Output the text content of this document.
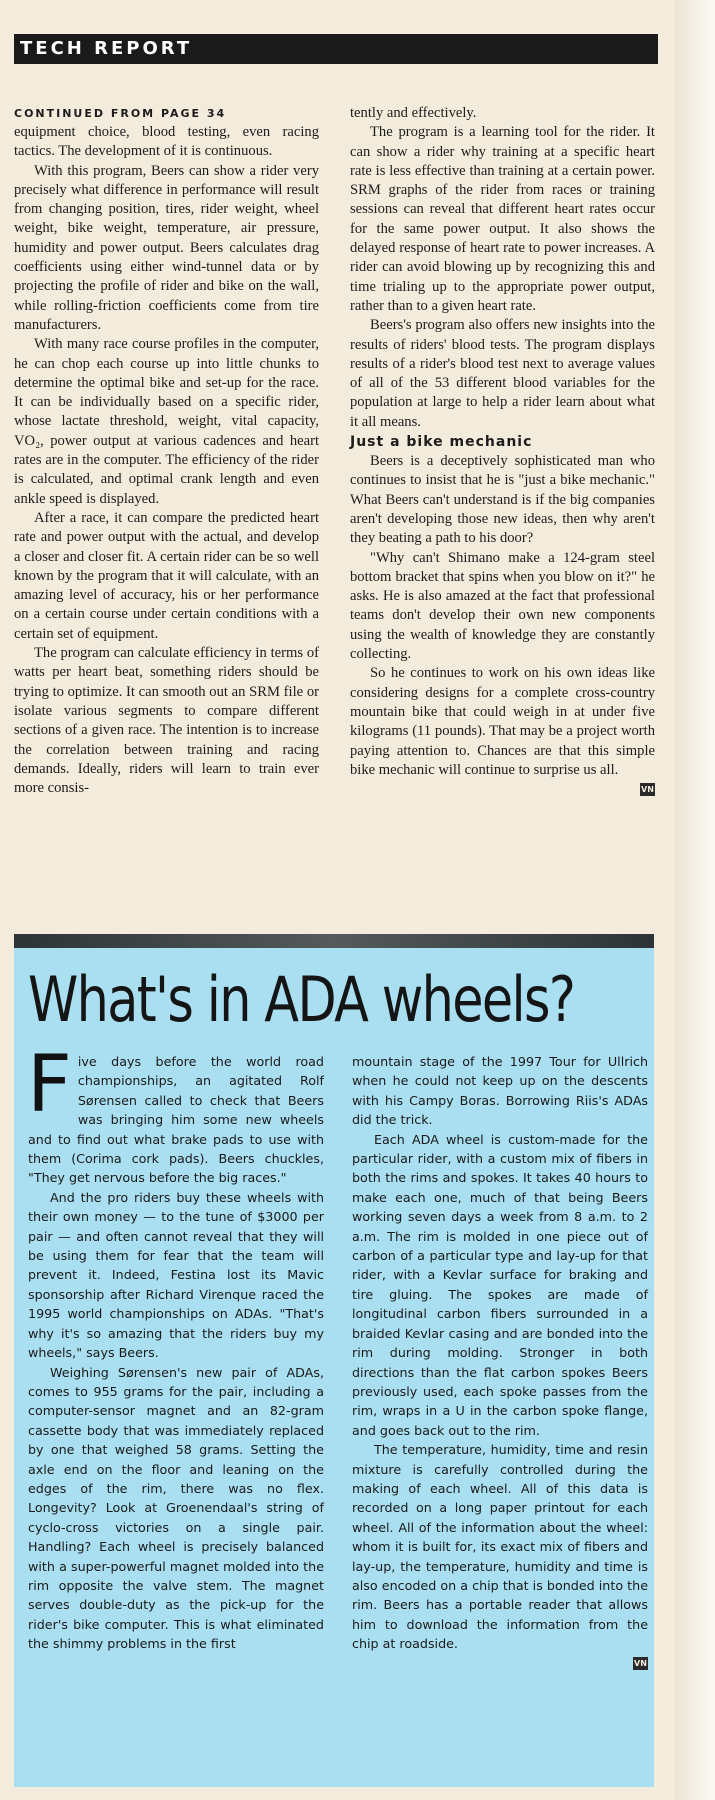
TECH REPORT
CONTINUED FROM PAGE 34

equipment choice, blood testing, even racing tactics. The development of it is continuous.

With this program, Beers can show a rider very precisely what difference in performance will result from changing position, tires, rider weight, wheel weight, bike weight, temperature, air pressure, humidity and power output. Beers calculates drag coefficients using either wind-tunnel data or by projecting the profile of rider and bike on the wall, while rolling-friction coefficients come from tire manufacturers.

With many race course profiles in the computer, he can chop each course up into little chunks to determine the optimal bike and set-up for the race. It can be individually based on a specific rider, whose lactate threshold, weight, vital capacity, VO₂, power output at various cadences and heart rates are in the computer. The efficiency of the rider is calculated, and optimal crank length and even ankle speed is displayed.

After a race, it can compare the predicted heart rate and power output with the actual, and develop a closer and closer fit. A certain rider can be so well known by the program that it will calculate, with an amazing level of accuracy, his or her performance on a certain course under certain conditions with a certain set of equipment.

The program can calculate efficiency in terms of watts per heart beat, something riders should be trying to optimize. It can smooth out an SRM file or isolate various segments to compare different sections of a given race. The intention is to increase the correlation between training and racing demands. Ideally, riders will learn to train ever more consis-

tently and effectively.

The program is a learning tool for the rider. It can show a rider why training at a specific heart rate is less effective than training at a certain power. SRM graphs of the rider from races or training sessions can reveal that different heart rates occur for the same power output. It also shows the delayed response of heart rate to power increases. A rider can avoid blowing up by recognizing this and time trialing up to the appropriate power output, rather than to a given heart rate.

Beers's program also offers new insights into the results of riders' blood tests. The program displays results of a rider's blood test next to average values of all of the 53 different blood variables for the population at large to help a rider learn about what it all means.

Just a bike mechanic

Beers is a deceptively sophisticated man who continues to insist that he is "just a bike mechanic." What Beers can't understand is if the big companies aren't developing those new ideas, then why aren't they beating a path to his door?

"Why can't Shimano make a 124-gram steel bottom bracket that spins when you blow on it?" he asks. He is also amazed at the fact that professional teams don't develop their own new components using the wealth of knowledge they are constantly collecting.

So he continues to work on his own ideas like considering designs for a complete cross-country mountain bike that could weigh in at under five kilograms (11 pounds). That may be a project worth paying attention to. Chances are that this simple bike mechanic will continue to surprise us all.

VN
What's in ADA wheels?

Five days before the world road championships, an agitated Rolf Sørensen called to check that Beers was bringing him some new wheels and to find out what brake pads to use with them (Corima cork pads). Beers chuckles, "They get nervous before the big races."

And the pro riders buy these wheels with their own money — to the tune of $3000 per pair — and often cannot reveal that they will be using them for fear that the team will prevent it. Indeed, Festina lost its Mavic sponsorship after Richard Virenque raced the 1995 world championships on ADAs. "That's why it's so amazing that the riders buy my wheels," says Beers.

Weighing Sørensen's new pair of ADAs, comes to 955 grams for the pair, including a computer-sensor magnet and an 82-gram cassette body that was immediately replaced by one that weighed 58 grams. Setting the axle end on the floor and leaning on the edges of the rim, there was no flex. Longevity? Look at Groenendaal's string of cyclo-cross victories on a single pair. Handling? Each wheel is precisely balanced with a super-powerful magnet molded into the rim opposite the valve stem. The magnet serves double-duty as the pick-up for the rider's bike computer. This is what eliminated the shimmy problems in the first

mountain stage of the 1997 Tour for Ullrich when he could not keep up on the descents with his Campy Boras. Borrowing Riis's ADAs did the trick.

Each ADA wheel is custom-made for the particular rider, with a custom mix of fibers in both the rims and spokes. It takes 40 hours to make each one, much of that being Beers working seven days a week from 8 a.m. to 2 a.m. The rim is molded in one piece out of carbon of a particular type and lay-up for that rider, with a Kevlar surface for braking and tire gluing. The spokes are made of longitudinal carbon fibers surrounded in a braided Kevlar casing and are bonded into the rim during molding. Stronger in both directions than the flat carbon spokes Beers previously used, each spoke passes from the rim, wraps in a U in the carbon spoke flange, and goes back out to the rim.

The temperature, humidity, time and resin mixture is carefully controlled during the making of each wheel. All of this data is recorded on a long paper printout for each wheel. All of the information about the wheel: whom it is built for, its exact mix of fibers and lay-up, the temperature, humidity and time is also encoded on a chip that is bonded into the rim. Beers has a portable reader that allows him to download the information from the chip at roadside.

VN
